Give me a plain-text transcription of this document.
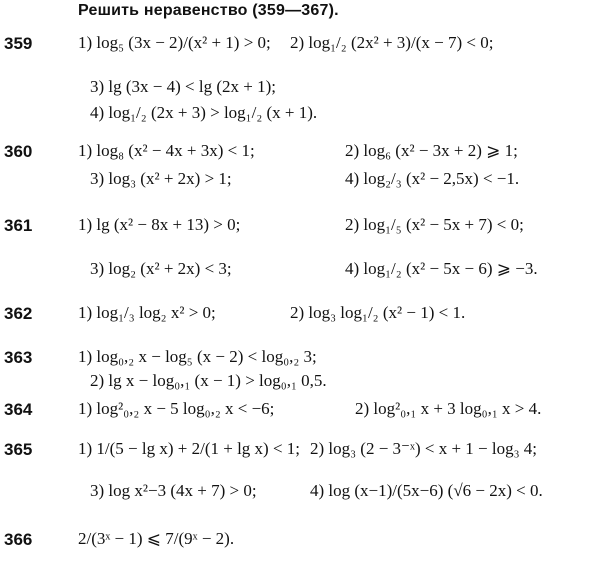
Решить неравенство (359—367).
359	1) log₅ (3x − 2)/(x² + 1) > 0; 2) log₁/₂ (2x² + 3)/(x − 7) < 0;
3) lg (3x − 4) < lg (2x + 1);
4) log₁/₂ (2x + 3) > log₁/₂ (x + 1).
360	1) log₈ (x² − 4x + 3x) < 1;	2) log₆ (x² − 3x + 2) ⩾ 1;
3) log₃ (x² + 2x) > 1;	4) log₂/₃ (x² − 2,5x) < −1.
361	1) lg (x² − 8x + 13) > 0;	2) log₁/₅ (x² − 5x + 7) < 0;
3) log₂ (x² + 2x) < 3;	4) log₁/₂ (x² − 5x − 6) ⩾ −3.
362	1) log₁/₃ log₂ x² > 0;	2) log₃ log₁/₂ (x² − 1) < 1.
363	1) log₀,₂ x − log₅ (x − 2) < log₀,₂ 3;
2) lg x − log₀,₁ (x − 1) > log₀,₁ 0,5.
364	1) log²₀,₂ x − 5 log₀,₂ x < −6;	2) log²₀,₁ x + 3 log₀,₁ x > 4.
365	1) 1/(5 − lg x) + 2/(1 + lg x) < 1; 2) log₃ (2 − 3⁻ˣ) < x + 1 − log₃ 4;
3) log x²−3 (4x + 7) > 0;	4) log (x−1)/(5x−6) (√6 − 2x) < 0.
366	2/(3ˣ − 1) ⩽ 7/(9ˣ − 2).
